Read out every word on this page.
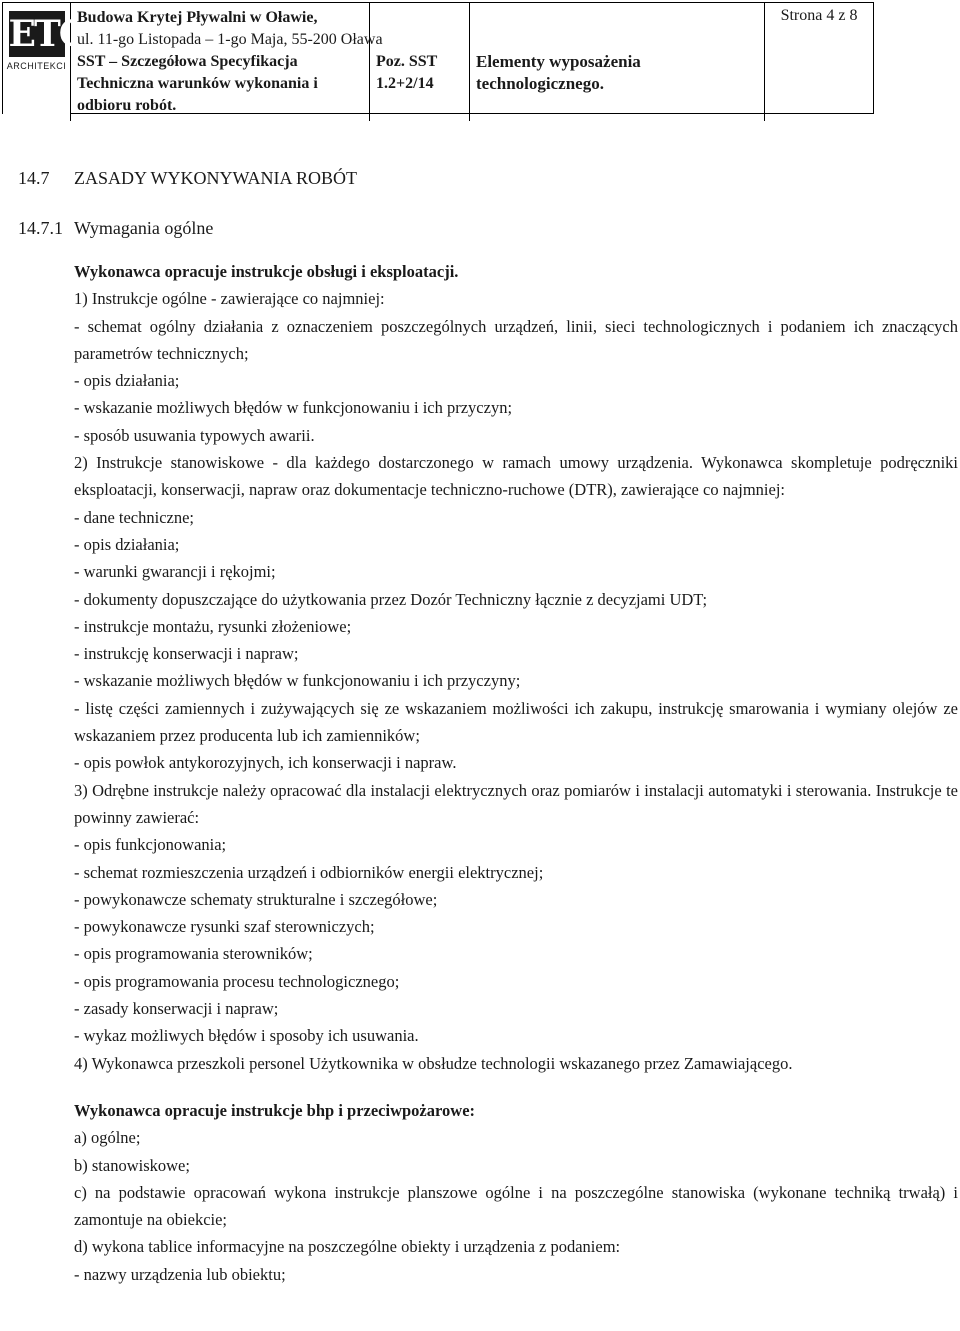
ETC
ARCHITEKCI
Budowa Krytej Pływalni w Oławie,
ul. 11-go Listopada – 1-go Maja, 55-200 Oława
SST – Szczegółowa Specyfikacja
Techniczna warunków wykonania i
odbioru robót.
Poz. SST
1.2+2/14
Elementy wyposażenia
technologicznego.
Strona 4 z 8

14.7 ZASADY WYKONYWANIA ROBÓT

14.7.1 Wymagania ogólne

Wykonawca opracuje instrukcje obsługi i eksploatacji.

1) Instrukcje ogólne - zawierające co najmniej:

- schemat ogólny działania z oznaczeniem poszczególnych urządzeń, linii, sieci technologicznych i podaniem ich znaczących parametrów technicznych;

- opis działania;

- wskazanie możliwych błędów w funkcjonowaniu i ich przyczyn;

- sposób usuwania typowych awarii.

2) Instrukcje stanowiskowe - dla każdego dostarczonego w ramach umowy urządzenia. Wykonawca skompletuje podręczniki eksploatacji, konserwacji, napraw oraz dokumentacje techniczno-ruchowe (DTR), zawierające co najmniej:

- dane techniczne;

- opis działania;

- warunki gwarancji i rękojmi;

- dokumenty dopuszczające do użytkowania przez Dozór Techniczny łącznie z decyzjami UDT;

- instrukcje montażu, rysunki złożeniowe;

- instrukcję konserwacji i napraw;

- wskazanie możliwych błędów w funkcjonowaniu i ich przyczyny;

- listę części zamiennych i zużywających się ze wskazaniem możliwości ich zakupu, instrukcję smarowania i wymiany olejów ze wskazaniem przez producenta lub ich zamienników;

- opis powłok antykorozyjnych, ich konserwacji i napraw.

3) Odrębne instrukcje należy opracować dla instalacji elektrycznych oraz pomiarów i instalacji automatyki i sterowania. Instrukcje te powinny zawierać:

- opis funkcjonowania;

- schemat rozmieszczenia urządzeń i odbiorników energii elektrycznej;

- powykonawcze schematy strukturalne i szczegółowe;

- powykonawcze rysunki szaf sterowniczych;

- opis programowania sterowników;

- opis programowania procesu technologicznego;

- zasady konserwacji i napraw;

- wykaz możliwych błędów i sposoby ich usuwania.

4) Wykonawca przeszkoli personel Użytkownika w obsłudze technologii wskazanego przez Zamawiającego.

Wykonawca opracuje instrukcje bhp i przeciwpożarowe:

a) ogólne;

b) stanowiskowe;

c) na podstawie opracowań wykona instrukcje planszowe ogólne i na poszczególne stanowiska (wykonane techniką trwałą) i zamontuje na obiekcie;

d) wykona tablice informacyjne na poszczególne obiekty i urządzenia z podaniem:

- nazwy urządzenia lub obiektu;
